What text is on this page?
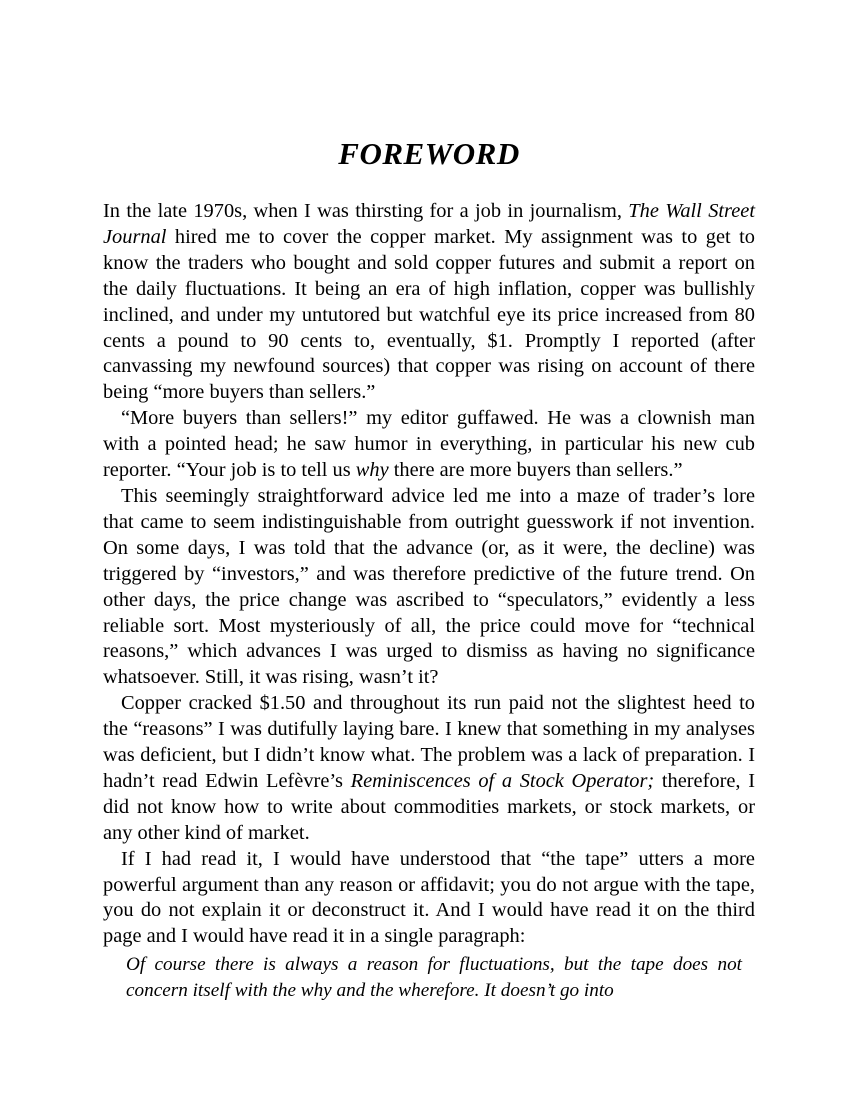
FOREWORD

In the late 1970s, when I was thirsting for a job in journalism, The Wall Street Journal hired me to cover the copper market. My assignment was to get to know the traders who bought and sold copper futures and submit a report on the daily fluctuations. It being an era of high inflation, copper was bullishly inclined, and under my untutored but watchful eye its price increased from 80 cents a pound to 90 cents to, eventually, $1. Promptly I reported (after canvassing my newfound sources) that copper was rising on account of there being “more buyers than sellers.”

“More buyers than sellers!” my editor guffawed. He was a clownish man with a pointed head; he saw humor in everything, in particular his new cub reporter. “Your job is to tell us why there are more buyers than sellers.”

This seemingly straightforward advice led me into a maze of trader’s lore that came to seem indistinguishable from outright guesswork if not invention. On some days, I was told that the advance (or, as it were, the decline) was triggered by “investors,” and was therefore predictive of the future trend. On other days, the price change was ascribed to “speculators,” evidently a less reliable sort. Most mysteriously of all, the price could move for “technical reasons,” which advances I was urged to dismiss as having no significance whatsoever. Still, it was rising, wasn’t it?

Copper cracked $1.50 and throughout its run paid not the slightest heed to the “reasons” I was dutifully laying bare. I knew that something in my analyses was deficient, but I didn’t know what. The problem was a lack of preparation. I hadn’t read Edwin Lefèvre’s Reminiscences of a Stock Operator; therefore, I did not know how to write about commodities markets, or stock markets, or any other kind of market.

If I had read it, I would have understood that “the tape” utters a more powerful argument than any reason or affidavit; you do not argue with the tape, you do not explain it or deconstruct it. And I would have read it on the third page and I would have read it in a single paragraph:

Of course there is always a reason for fluctuations, but the tape does not concern itself with the why and the wherefore. It doesn’t go into
